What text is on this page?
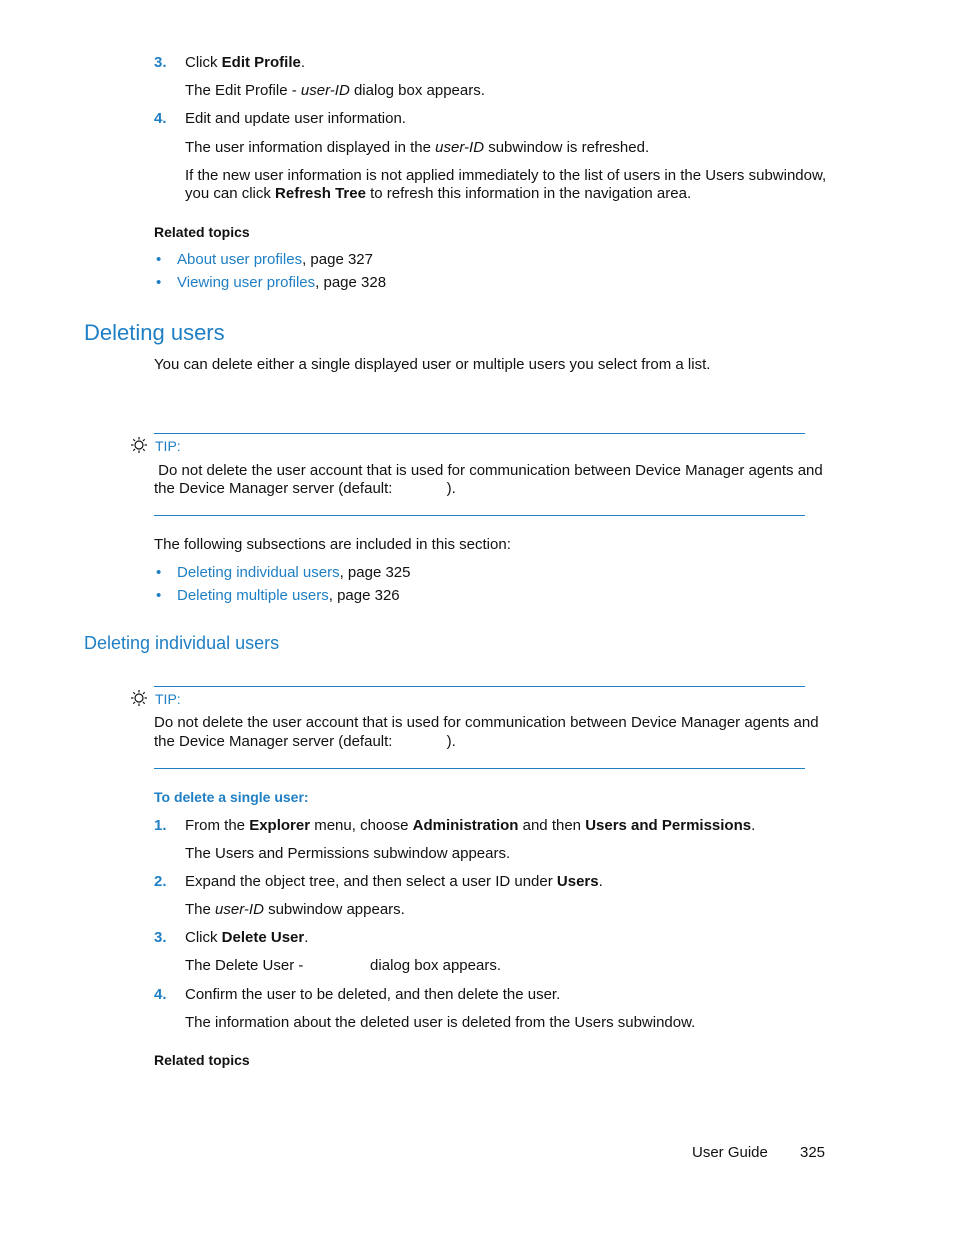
3. Click Edit Profile.
The Edit Profile - user-ID dialog box appears.
4. Edit and update user information.
The user information displayed in the user-ID subwindow is refreshed.
If the new user information is not applied immediately to the list of users in the Users subwindow,
you can click Refresh Tree to refresh this information in the navigation area.
Related topics
• About user profiles, page 327
• Viewing user profiles, page 328
Deleting users
You can delete either a single displayed user or multiple users you select from a list.
TIP:
Do not delete the user account that is used for communication between Device Manager agents and
the Device Manager server (default:             ).
The following subsections are included in this section:
• Deleting individual users, page 325
• Deleting multiple users, page 326
Deleting individual users
TIP:
Do not delete the user account that is used for communication between Device Manager agents and
the Device Manager server (default:             ).
To delete a single user:
1. From the Explorer menu, choose Administration and then Users and Permissions.
The Users and Permissions subwindow appears.
2. Expand the object tree, and then select a user ID under Users.
The user-ID subwindow appears.
3. Click Delete User.
The Delete User -                dialog box appears.
4. Confirm the user to be deleted, and then delete the user.
The information about the deleted user is deleted from the Users subwindow.
Related topics
User Guide 325
